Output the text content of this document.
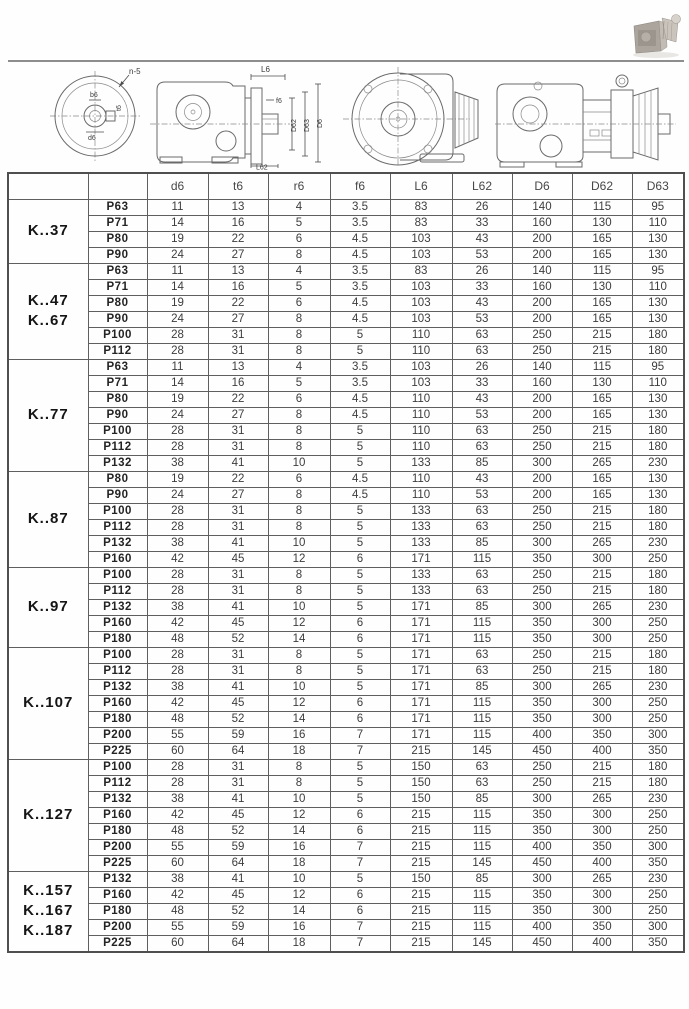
n-5
b6
t6
d6
L6
f6
D62 D63 D6
L62
		d6	t6	r6	f6	L6	L62	D6	D62	D63

K..37	P63	11	13	4	3.5	83	26	140	115	95
	P71	14	16	5	3.5	83	33	160	130	110
	P80	19	22	6	4.5	103	43	200	165	130
	P90	24	27	8	4.5	103	53	200	165	130

K..47
K..67	P63	11	13	4	3.5	83	26	140	115	95
	P71	14	16	5	3.5	103	33	160	130	110
	P80	19	22	6	4.5	103	43	200	165	130
	P90	24	27	8	4.5	103	53	200	165	130
	P100	28	31	8	5	110	63	250	215	180
	P112	28	31	8	5	110	63	250	215	180

K..77	P63	11	13	4	3.5	103	26	140	115	95
	P71	14	16	5	3.5	103	33	160	130	110
	P80	19	22	6	4.5	110	43	200	165	130
	P90	24	27	8	4.5	110	53	200	165	130
	P100	28	31	8	5	110	63	250	215	180
	P112	28	31	8	5	110	63	250	215	180
	P132	38	41	10	5	133	85	300	265	230

K..87	P80	19	22	6	4.5	110	43	200	165	130
	P90	24	27	8	4.5	110	53	200	165	130
	P100	28	31	8	5	133	63	250	215	180
	P112	28	31	8	5	133	63	250	215	180
	P132	38	41	10	5	133	85	300	265	230
	P160	42	45	12	6	171	115	350	300	250

K..97	P100	28	31	8	5	133	63	250	215	180
	P112	28	31	8	5	133	63	250	215	180
	P132	38	41	10	5	171	85	300	265	230
	P160	42	45	12	6	171	115	350	300	250
	P180	48	52	14	6	171	115	350	300	250

K..107	P100	28	31	8	5	171	63	250	215	180
	P112	28	31	8	5	171	63	250	215	180
	P132	38	41	10	5	171	85	300	265	230
	P160	42	45	12	6	171	115	350	300	250
	P180	48	52	14	6	171	115	350	300	250
	P200	55	59	16	7	171	115	400	350	300
	P225	60	64	18	7	215	145	450	400	350

K..127	P100	28	31	8	5	150	63	250	215	180
	P112	28	31	8	5	150	63	250	215	180
	P132	38	41	10	5	150	85	300	265	230
	P160	42	45	12	6	215	115	350	300	250
	P180	48	52	14	6	215	115	350	300	250
	P200	55	59	16	7	215	115	400	350	300
	P225	60	64	18	7	215	145	450	400	350

K..157
K..167
K..187	P132	38	41	10	5	150	85	300	265	230
	P160	42	45	12	6	215	115	350	300	250
	P180	48	52	14	6	215	115	350	300	250
	P200	55	59	16	7	215	115	400	350	300
	P225	60	64	18	7	215	145	450	400	350
